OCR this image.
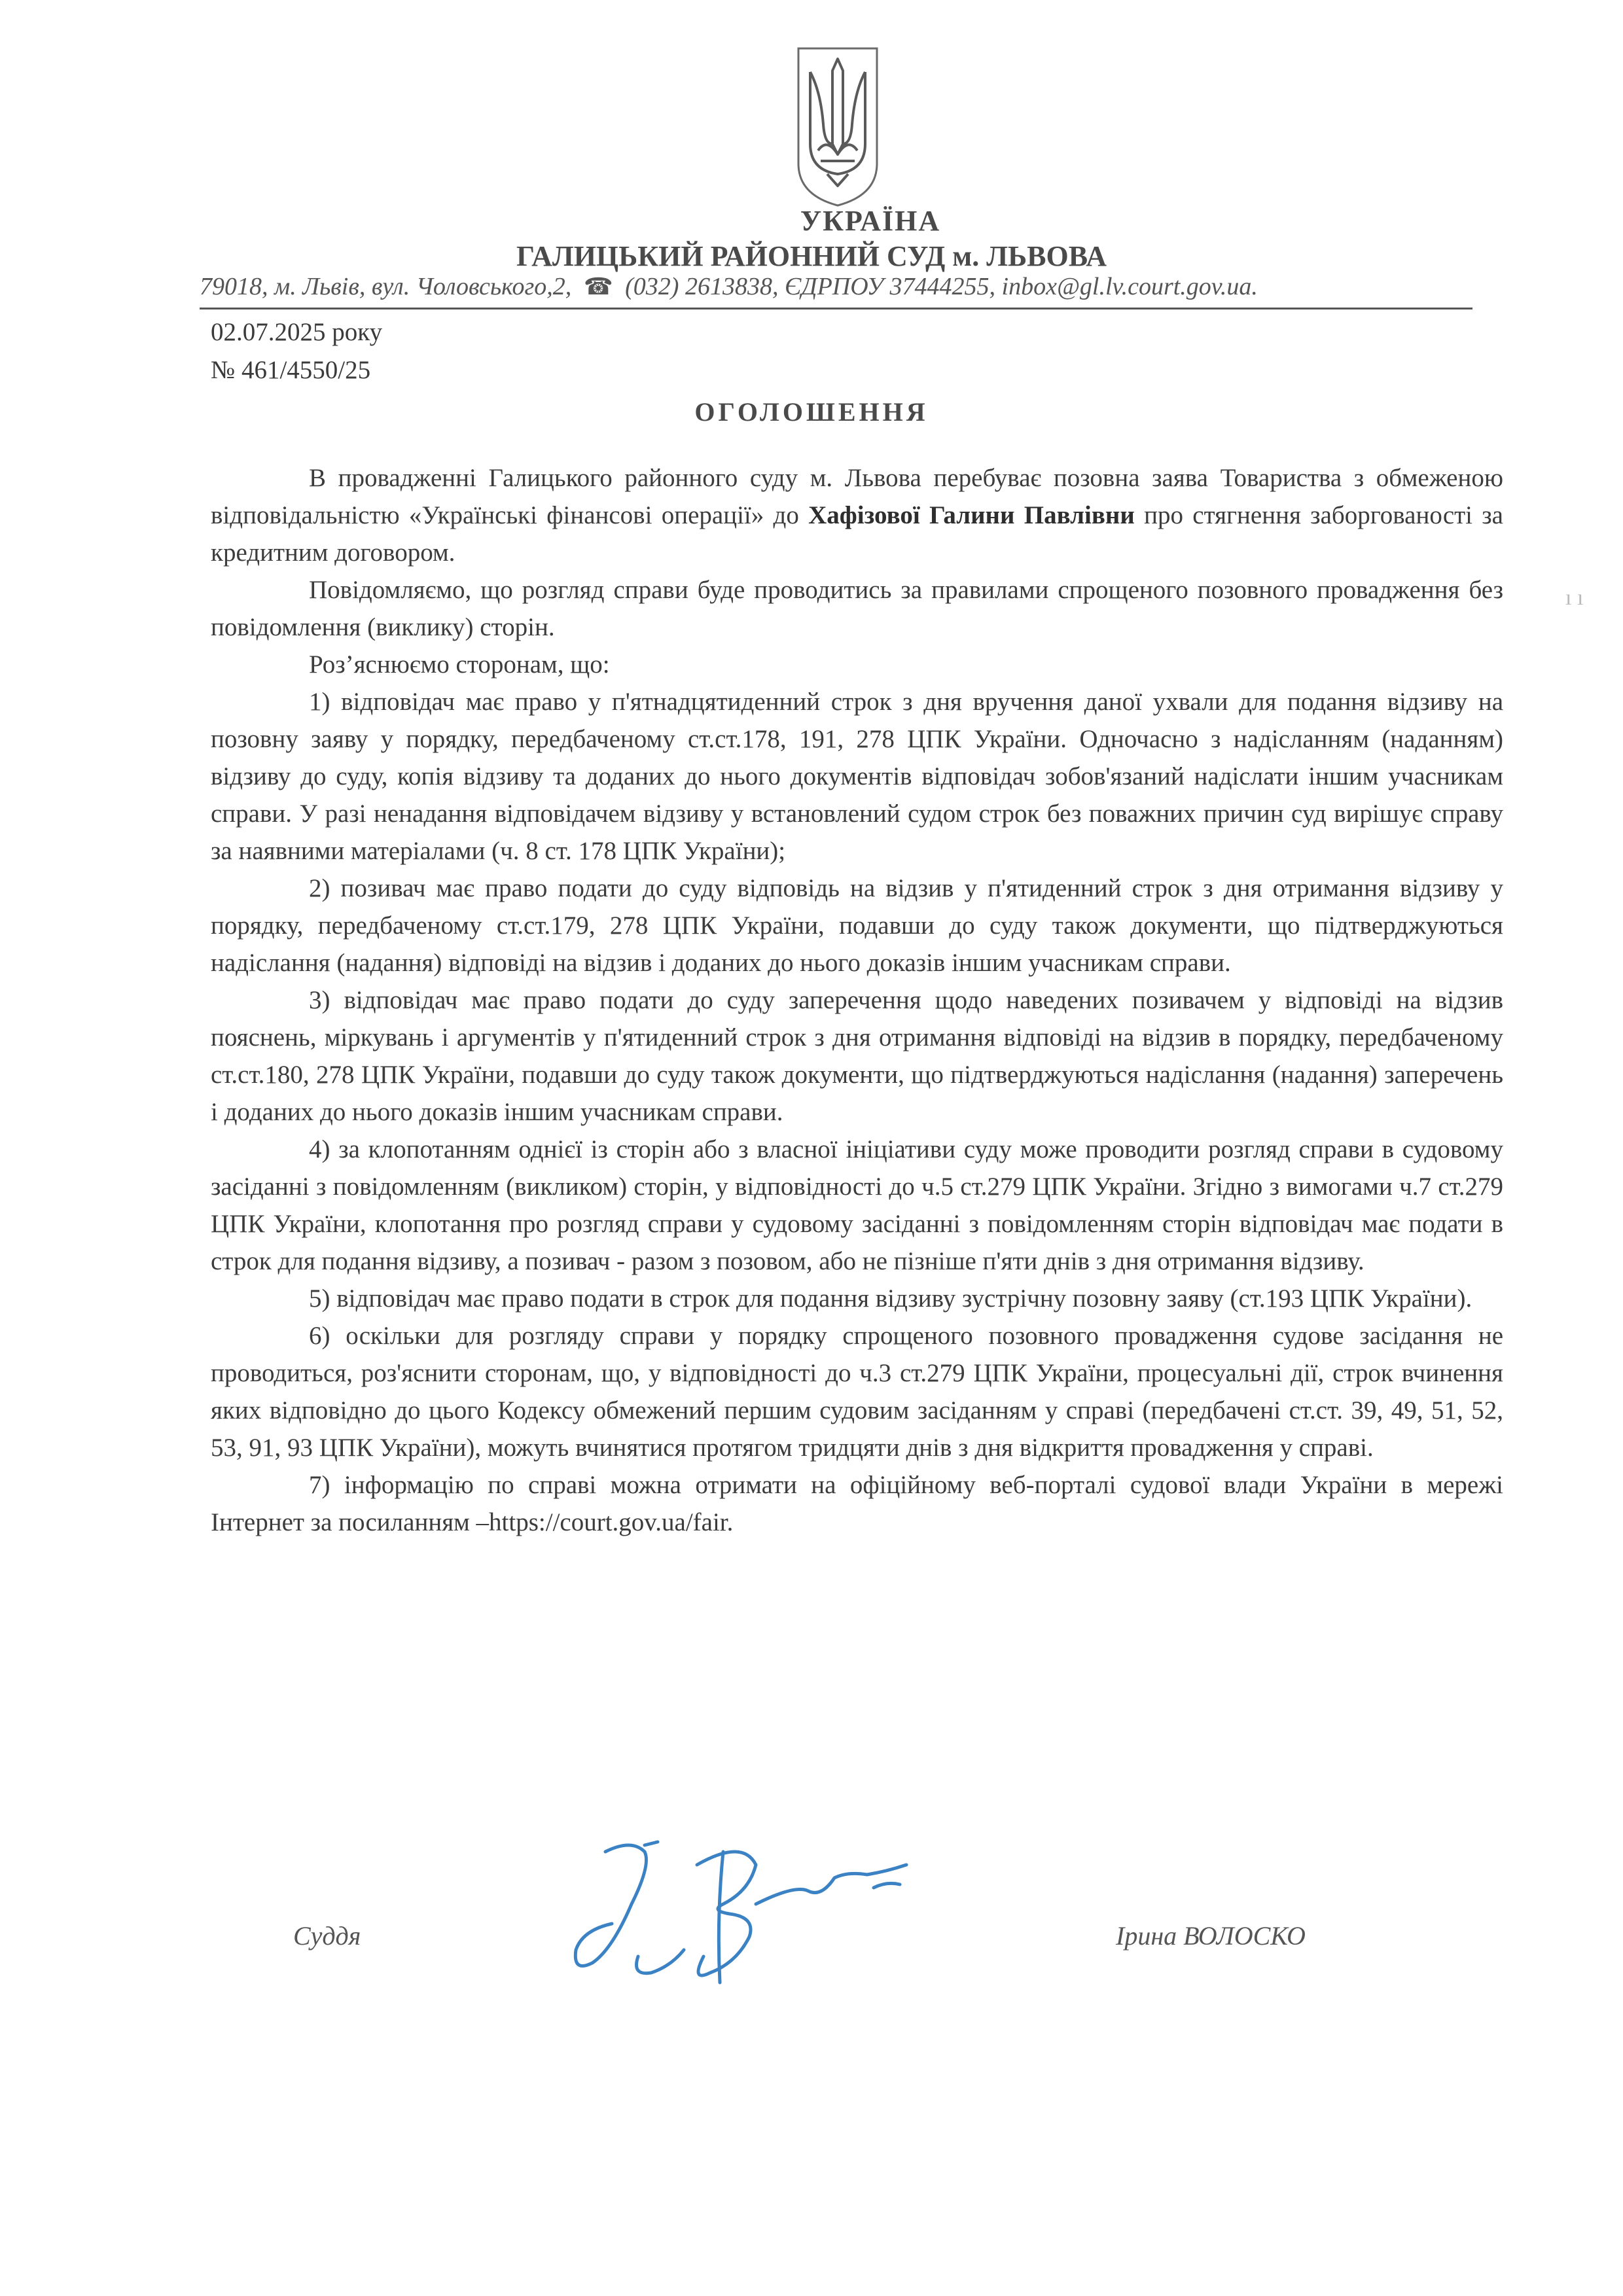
УКРАЇНА
ГАЛИЦЬКИЙ РАЙОННИЙ СУД м. ЛЬВОВА
79018, м. Львів, вул. Чоловського,2,  ☎  (032) 2613838, ЄДРПОУ 37444255, inbox@gl.lv.court.gov.ua.
02.07.2025 року
№ 461/4550/25
ОГОЛОШЕННЯ

В провадженні Галицького районного суду м. Львова перебуває позовна заява Товариства з обмеженою відповідальністю «Українські фінансові операції» до Хафізової Галини Павлівни про стягнення заборгованості за кредитним договором.

Повідомляємо, що розгляд справи буде проводитись за правилами спрощеного позовного провадження без повідомлення (виклику) сторін.

Роз’яснюємо сторонам, що:

1) відповідач має право у п'ятнадцятиденний строк з дня вручення даної ухвали для подання відзиву на позовну заяву у порядку, передбаченому ст.ст.178, 191, 278 ЦПК України. Одночасно з надісланням (наданням) відзиву до суду, копія відзиву та доданих до нього документів відповідач зобов'язаний надіслати іншим учасникам справи. У разі ненадання відповідачем відзиву у встановлений судом строк без поважних причин суд вирішує справу за наявними матеріалами (ч. 8 ст. 178 ЦПК України);

2) позивач має право подати до суду відповідь на відзив у п'ятиденний строк з дня отримання відзиву у порядку, передбаченому ст.ст.179, 278 ЦПК України, подавши до суду також документи, що підтверджуються надіслання (надання) відповіді на відзив і доданих до нього доказів іншим учасникам справи.

3) відповідач має право подати до суду заперечення щодо наведених позивачем у відповіді на відзив пояснень, міркувань і аргументів у п'ятиденний строк з дня отримання відповіді на відзив в порядку, передбаченому ст.ст.180, 278 ЦПК України, подавши до суду також документи, що підтверджуються надіслання (надання) заперечень і доданих до нього доказів іншим учасникам справи.

4) за клопотанням однієї із сторін або з власної ініціативи суду може проводити розгляд справи в судовому засіданні з повідомленням (викликом) сторін, у відповідності до ч.5 ст.279 ЦПК України. Згідно з вимогами ч.7 ст.279 ЦПК України, клопотання про розгляд справи у судовому засіданні з повідомленням сторін відповідач має подати в строк для подання відзиву, а позивач - разом з позовом, або не пізніше п'яти днів з дня отримання відзиву.

5) відповідач має право подати в строк для подання відзиву зустрічну позовну заяву (ст.193 ЦПК України).

6) оскільки для розгляду справи у порядку спрощеного позовного провадження судове засідання не проводиться, роз'яснити сторонам, що, у відповідності до ч.3 ст.279 ЦПК України, процесуальні дії, строк вчинення яких відповідно до цього Кодексу обмежений першим судовим засіданням у справі (передбачені ст.ст. 39, 49, 51, 52, 53, 91, 93 ЦПК України), можуть вчинятися протягом тридцяти днів з дня відкриття провадження у справі.

7) інформацію по справі можна отримати на офіційному веб-порталі судової влади України в мережі Інтернет за посиланням –https://court.gov.ua/fair.

Суддя	Ірина ВОЛОСКО
ı ı
